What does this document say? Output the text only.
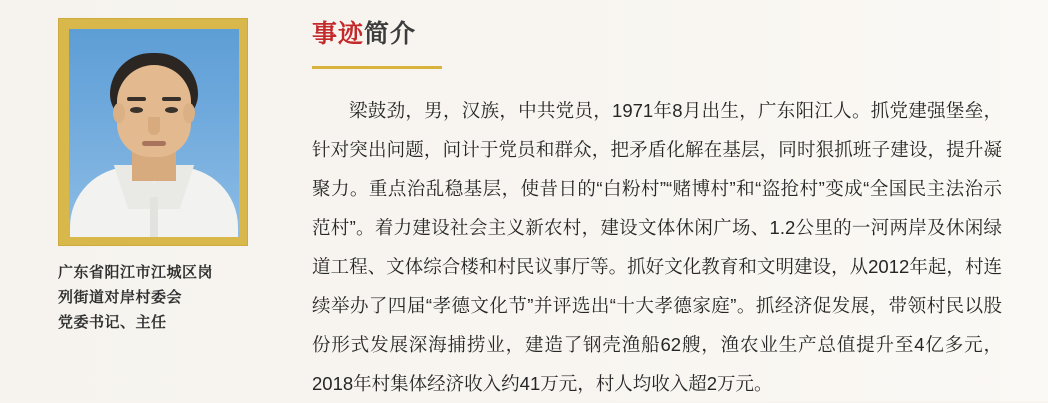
广东省阳江市江城区岗
列街道对岸村委会
党委书记、主任
事迹简介

梁鼓劲，男，汉族，中共党员，1971年8月出生，广东阳江人。抓党建强堡垒，针对突出问题，问计于党员和群众，把矛盾化解在基层，同时狠抓班子建设，提升凝聚力。重点治乱稳基层，使昔日的“白粉村”“赌博村”和“盗抢村”变成“全国民主法治示范村”。着力建设社会主义新农村，建设文体休闲广场、1.2公里的一河两岸及休闲绿道工程、文体综合楼和村民议事厅等。抓好文化教育和文明建设，从2012年起，村连续举办了四届“孝德文化节”并评选出“十大孝德家庭”。抓经济促发展，带领村民以股份形式发展深海捕捞业，建造了钢壳渔船62艘，渔农业生产总值提升至4亿多元，2018年村集体经济收入约41万元，村人均收入超2万元。
